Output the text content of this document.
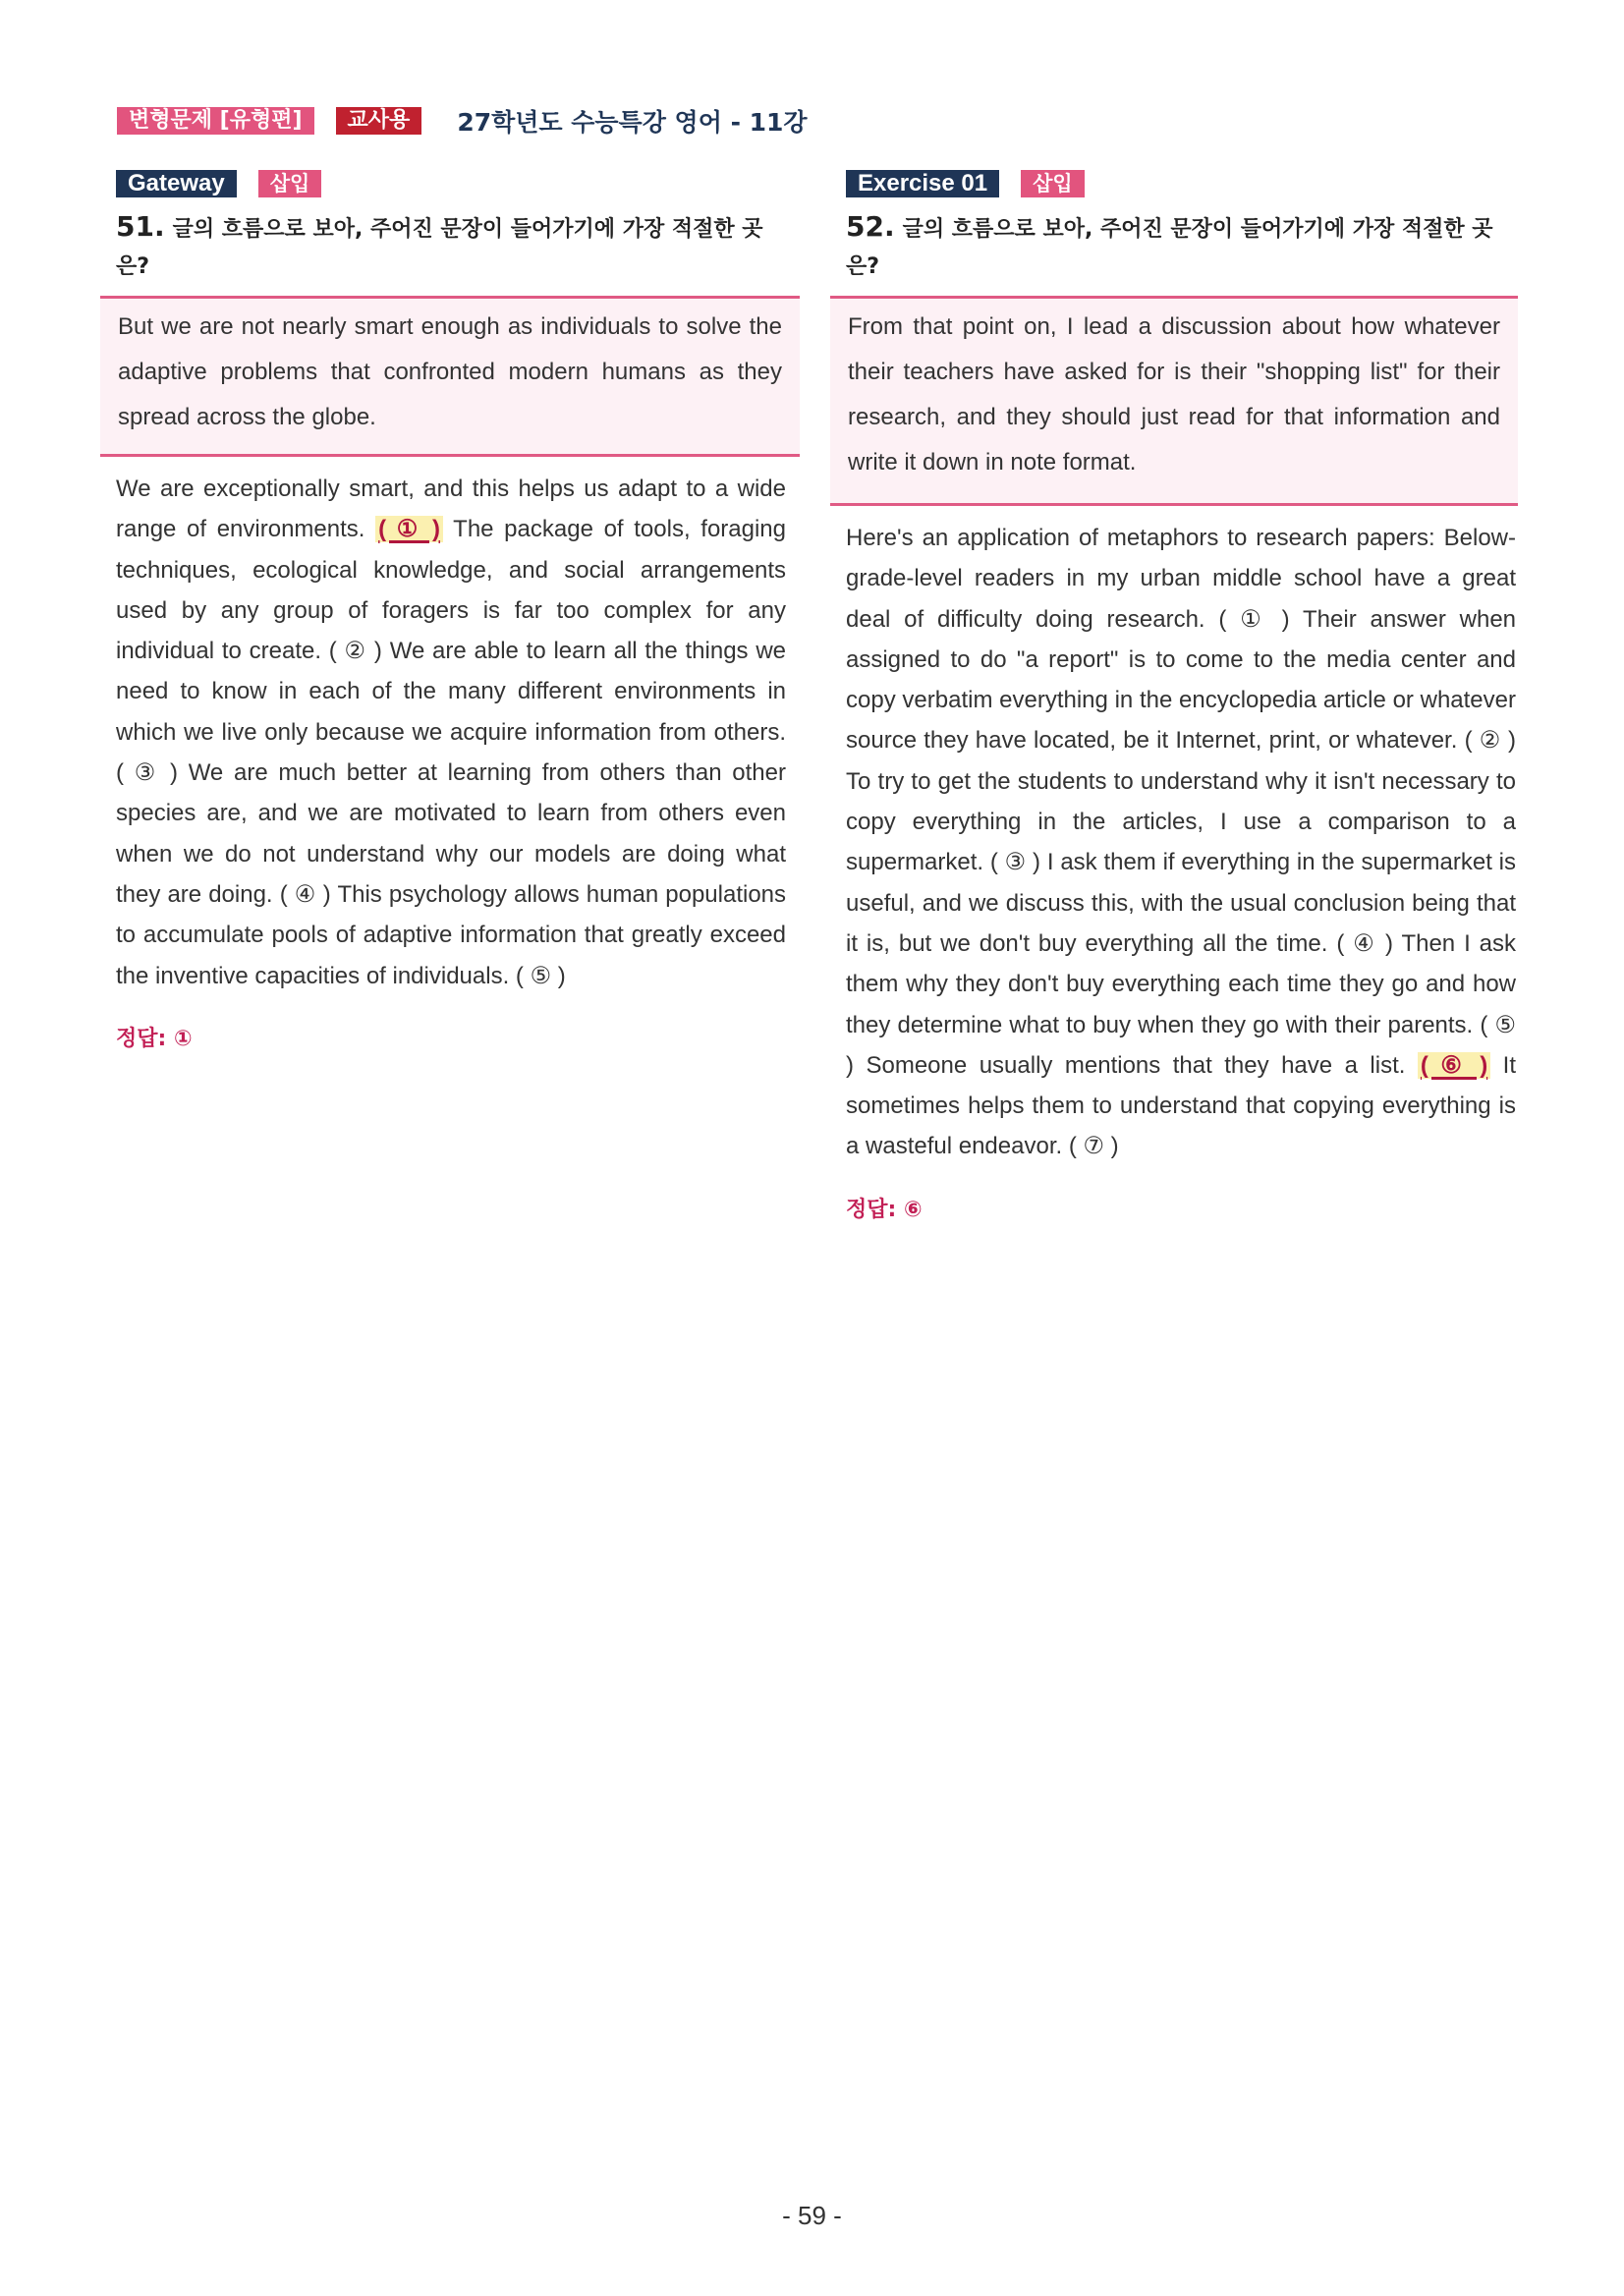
변형문제 [유형편]	교사용	27학년도 수능특강 영어 - 11강
Gateway	삽입
51. 글의 흐름으로 보아, 주어진 문장이 들어가기에 가장 적절한 곳은?
But we are not nearly smart enough as individuals to solve the adaptive problems that confronted modern humans as they spread across the globe.
We are exceptionally smart, and this helps us adapt to a wide range of environments. ( ① ) The package of tools, foraging techniques, ecological knowledge, and social arrangements used by any group of foragers is far too complex for any individual to create. ( ② ) We are able to learn all the things we need to know in each of the many different environments in which we live only because we acquire information from others. ( ③ ) We are much better at learning from others than other species are, and we are motivated to learn from others even when we do not understand why our models are doing what they are doing. ( ④ ) This psychology allows human populations to accumulate pools of adaptive information that greatly exceed the inventive capacities of individuals. ( ⑤ )
정답: ①
Exercise 01	삽입
52. 글의 흐름으로 보아, 주어진 문장이 들어가기에 가장 적절한 곳은?
From that point on, I lead a discussion about how whatever their teachers have asked for is their "shopping list" for their research, and they should just read for that information and write it down in note format.
Here's an application of metaphors to research papers: Below-grade-level readers in my urban middle school have a great deal of difficulty doing research. ( ① ) Their answer when assigned to do "a report" is to come to the media center and copy verbatim everything in the encyclopedia article or whatever source they have located, be it Internet, print, or whatever. ( ② ) To try to get the students to understand why it isn't necessary to copy everything in the articles, I use a comparison to a supermarket. ( ③ ) I ask them if everything in the supermarket is useful, and we discuss this, with the usual conclusion being that it is, but we don't buy everything all the time. ( ④ ) Then I ask them why they don't buy everything each time they go and how they determine what to buy when they go with their parents. ( ⑤ ) Someone usually mentions that they have a list. ( ⑥ ) It sometimes helps them to understand that copying everything is a wasteful endeavor. ( ⑦ )
정답: ⑥
- 59 -
